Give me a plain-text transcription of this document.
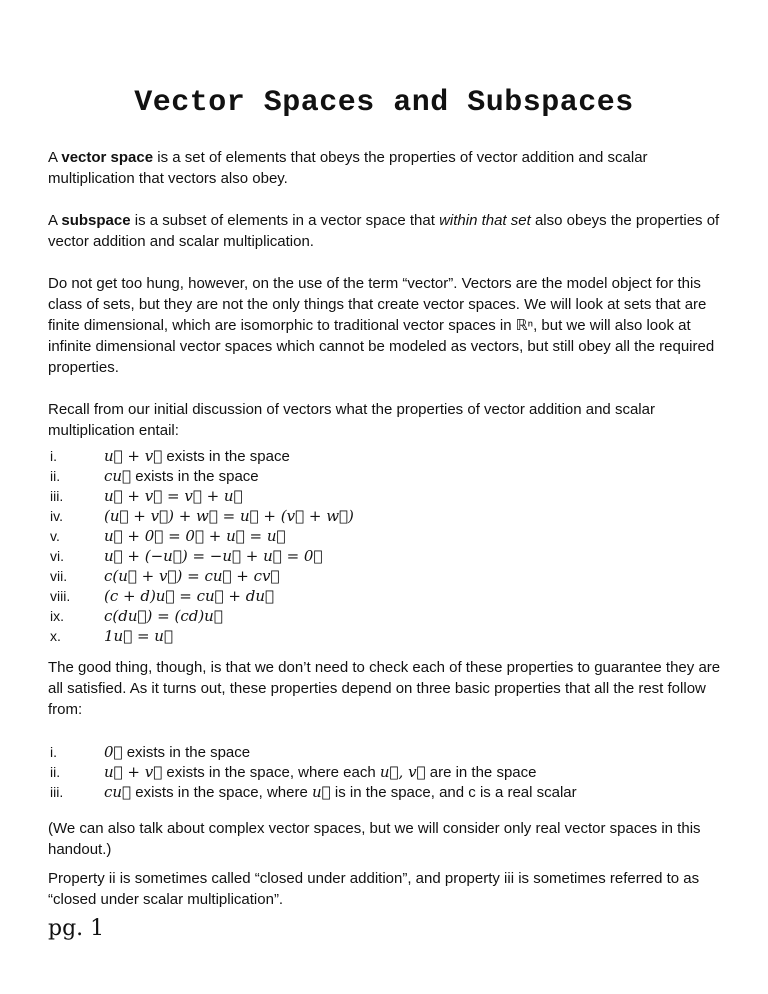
Vector Spaces and Subspaces

A vector space is a set of elements that obeys the properties of vector addition and scalar multiplication that vectors also obey.

A subspace is a subset of elements in a vector space that within that set also obeys the properties of vector addition and scalar multiplication.

Do not get too hung, however, on the use of the term “vector”. Vectors are the model object for this class of sets, but they are not the only things that create vector spaces. We will look at sets that are finite dimensional, which are isomorphic to traditional vector spaces in ℝⁿ, but we will also look at infinite dimensional vector spaces which cannot be modeled as vectors, but still obey all the required properties.

Recall from our initial discussion of vectors what the properties of vector addition and scalar multiplication entail:

i.	u⃗ + v⃗ exists in the space
ii.	cu⃗ exists in the space
iii.	u⃗ + v⃗ = v⃗ + u⃗
iv.	(u⃗ + v⃗) + w⃗ = u⃗ + (v⃗ + w⃗)
v.	u⃗ + 0⃗ = 0⃗ + u⃗ = u⃗
vi.	u⃗ + (−u⃗) = −u⃗ + u⃗ = 0⃗
vii.	c(u⃗ + v⃗) = cu⃗ + cv⃗
viii.	(c + d)u⃗ = cu⃗ + du⃗
ix.	c(du⃗) = (cd)u⃗
x.	1u⃗ = u⃗

The good thing, though, is that we don’t need to check each of these properties to guarantee they are all satisfied. As it turns out, these properties depend on three basic properties that all the rest follow from:

i.	0⃗ exists in the space
ii.	u⃗ + v⃗ exists in the space, where each u⃗, v⃗ are in the space
iii.	cu⃗ exists in the space, where u⃗ is in the space, and c is a real scalar

(We can also talk about complex vector spaces, but we will consider only real vector spaces in this handout.)

Property ii is sometimes called “closed under addition”, and property iii is sometimes referred to as “closed under scalar multiplication”.

pg. 1
